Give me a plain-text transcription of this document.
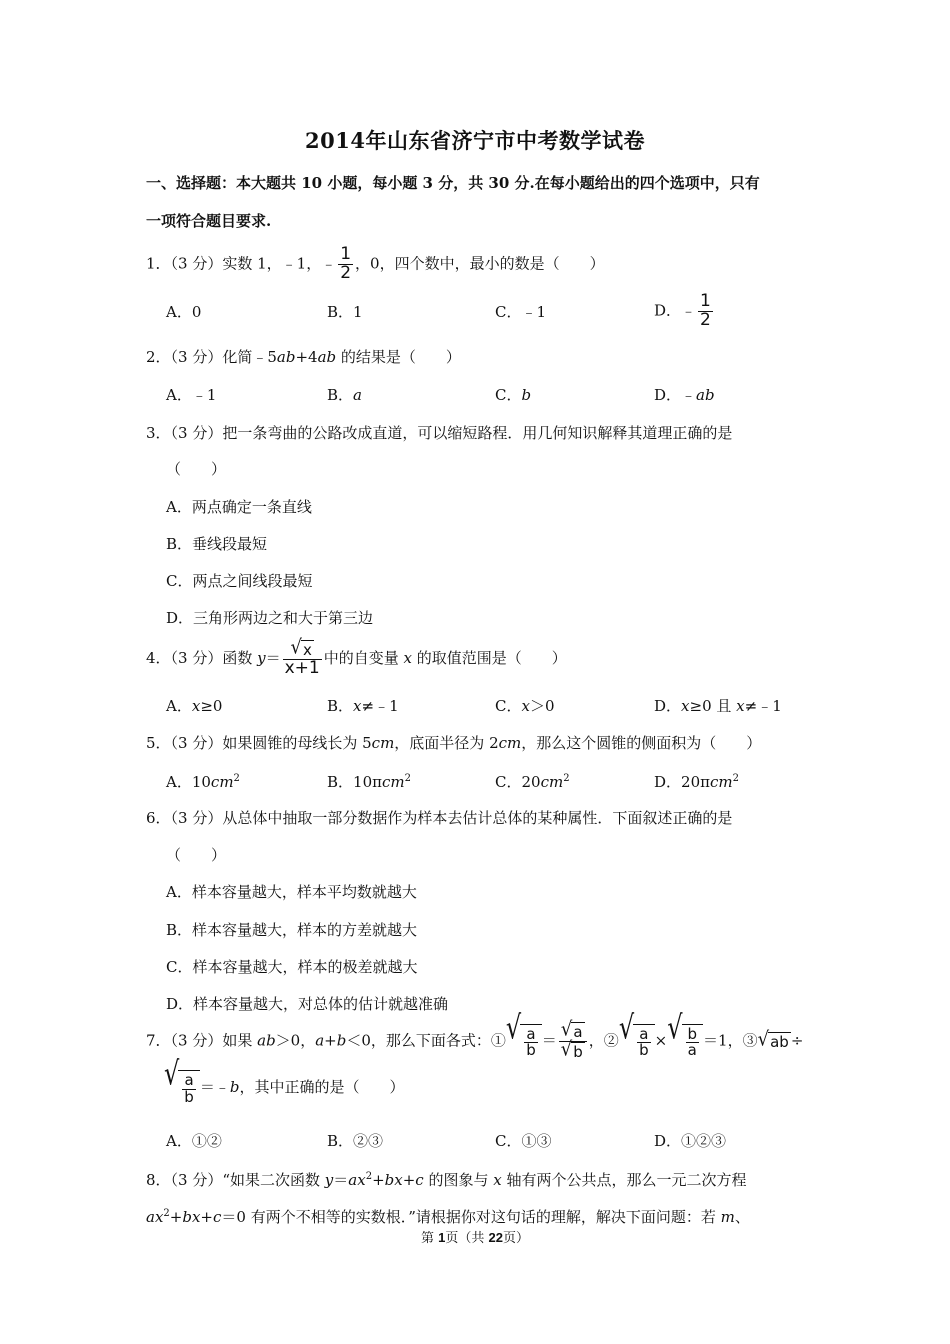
2014年山东省济宁市中考数学试卷
一、选择题：本大题共 10 小题，每小题 3 分，共 30 分.在每小题给出的四个选项中，只有
一项符合题目要求.
1．（3 分）实数 1，﹣1，﹣ $\frac{1}{2}$ ，0，四个数中，最小的数是（　　）
A．0	B．1	C．﹣1	D．﹣ $\frac{1}{2}$
2．（3 分）化简﹣5ab+4ab 的结果是（　　）
A．﹣1	B．a	C．b	D．﹣ab
3．（3 分）把一条弯曲的公路改成直道，可以缩短路程．用几何知识解释其道理正确的是
（　　）
A．两点确定一条直线
B．垂线段最短
C．两点之间线段最短
D．三角形两边之和大于第三边
4．（3 分）函数 $y= \frac{√ x}{x+1}$ 中的自变量 x 的取值范围是（　　）
A．x≥0	B．x≠﹣1	C．x＞0	D．x≥0 且 x≠﹣1
5．（3 分）如果圆锥的母线长为 5cm，底面半径为 2cm，那么这个圆锥的侧面积为（　　）
A．$10cm^2$	B．10πcm$^2$	C．$20cm^2$	D．20πcm$^2$
6．（3 分）从总体中抽取一部分数据作为样本去估计总体的某种属性．下面叙述正确的是
（　　）
A．样本容量越大，样本平均数就越大
B．样本容量越大，样本的方差就越大
C．样本容量越大，样本的极差就越大
D．样本容量越大，对总体的估计就越准确
7．（3 分）如果 ab＞0，a+b＜0，那么下面各式：① √ $\frac{a}{b} = \frac{√ a}{√ b}$ ，② √ $\frac{a}{b}$ × √ $\frac{b}{a} =1$，③ √ ab ÷
√ $\frac{a}{b}$ ＝﹣b，其中正确的是（　　）
A．①②	B．②③	C．①③	D．①②③
8．（3 分）“如果二次函数 $y=ax^2+bx+c$ 的图象与 x 轴有两个公共点，那么一元二次方程
$ax^2+bx+c=0$ 有两个不相等的实数根．”请根据你对这句话的理解，解决下面问题：若 m、
第 1页（共 22页）
